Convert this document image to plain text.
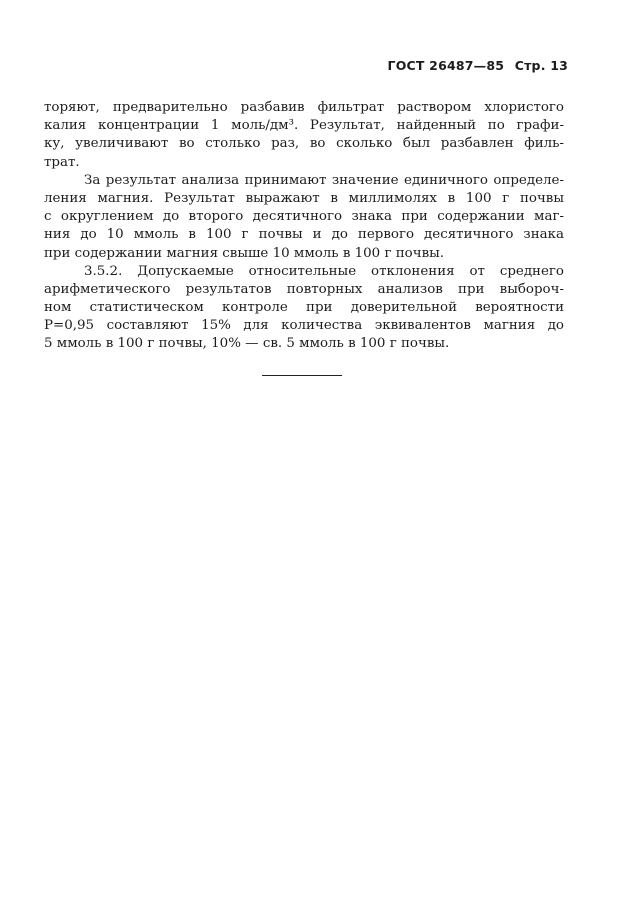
ГОСТ 26487—85 Стр. 13
торяют, предварительно разбавив фильтрат раствором хлористого
калия концентрации 1 моль/дм³. Результат, найденный по графи-
ку, увеличивают во столько раз, во сколько был разбавлен филь-
трат.
За результат анализа принимают значение единичного определе-
ления магния. Результат выражают в миллимолях в 100 г почвы
с округлением до второго десятичного знака при содержании маг-
ния до 10 ммоль в 100 г почвы и до первого десятичного знака
при содержании магния свыше 10 ммоль в 100 г почвы.
3.5.2. Допускаемые относительные отклонения от среднего
арифметического результатов повторных анализов при выбороч-
ном статистическом контроле при доверительной вероятности
Р=0,95 составляют 15% для количества эквивалентов магния до
5 ммоль в 100 г почвы, 10% — св. 5 ммоль в 100 г почвы.
